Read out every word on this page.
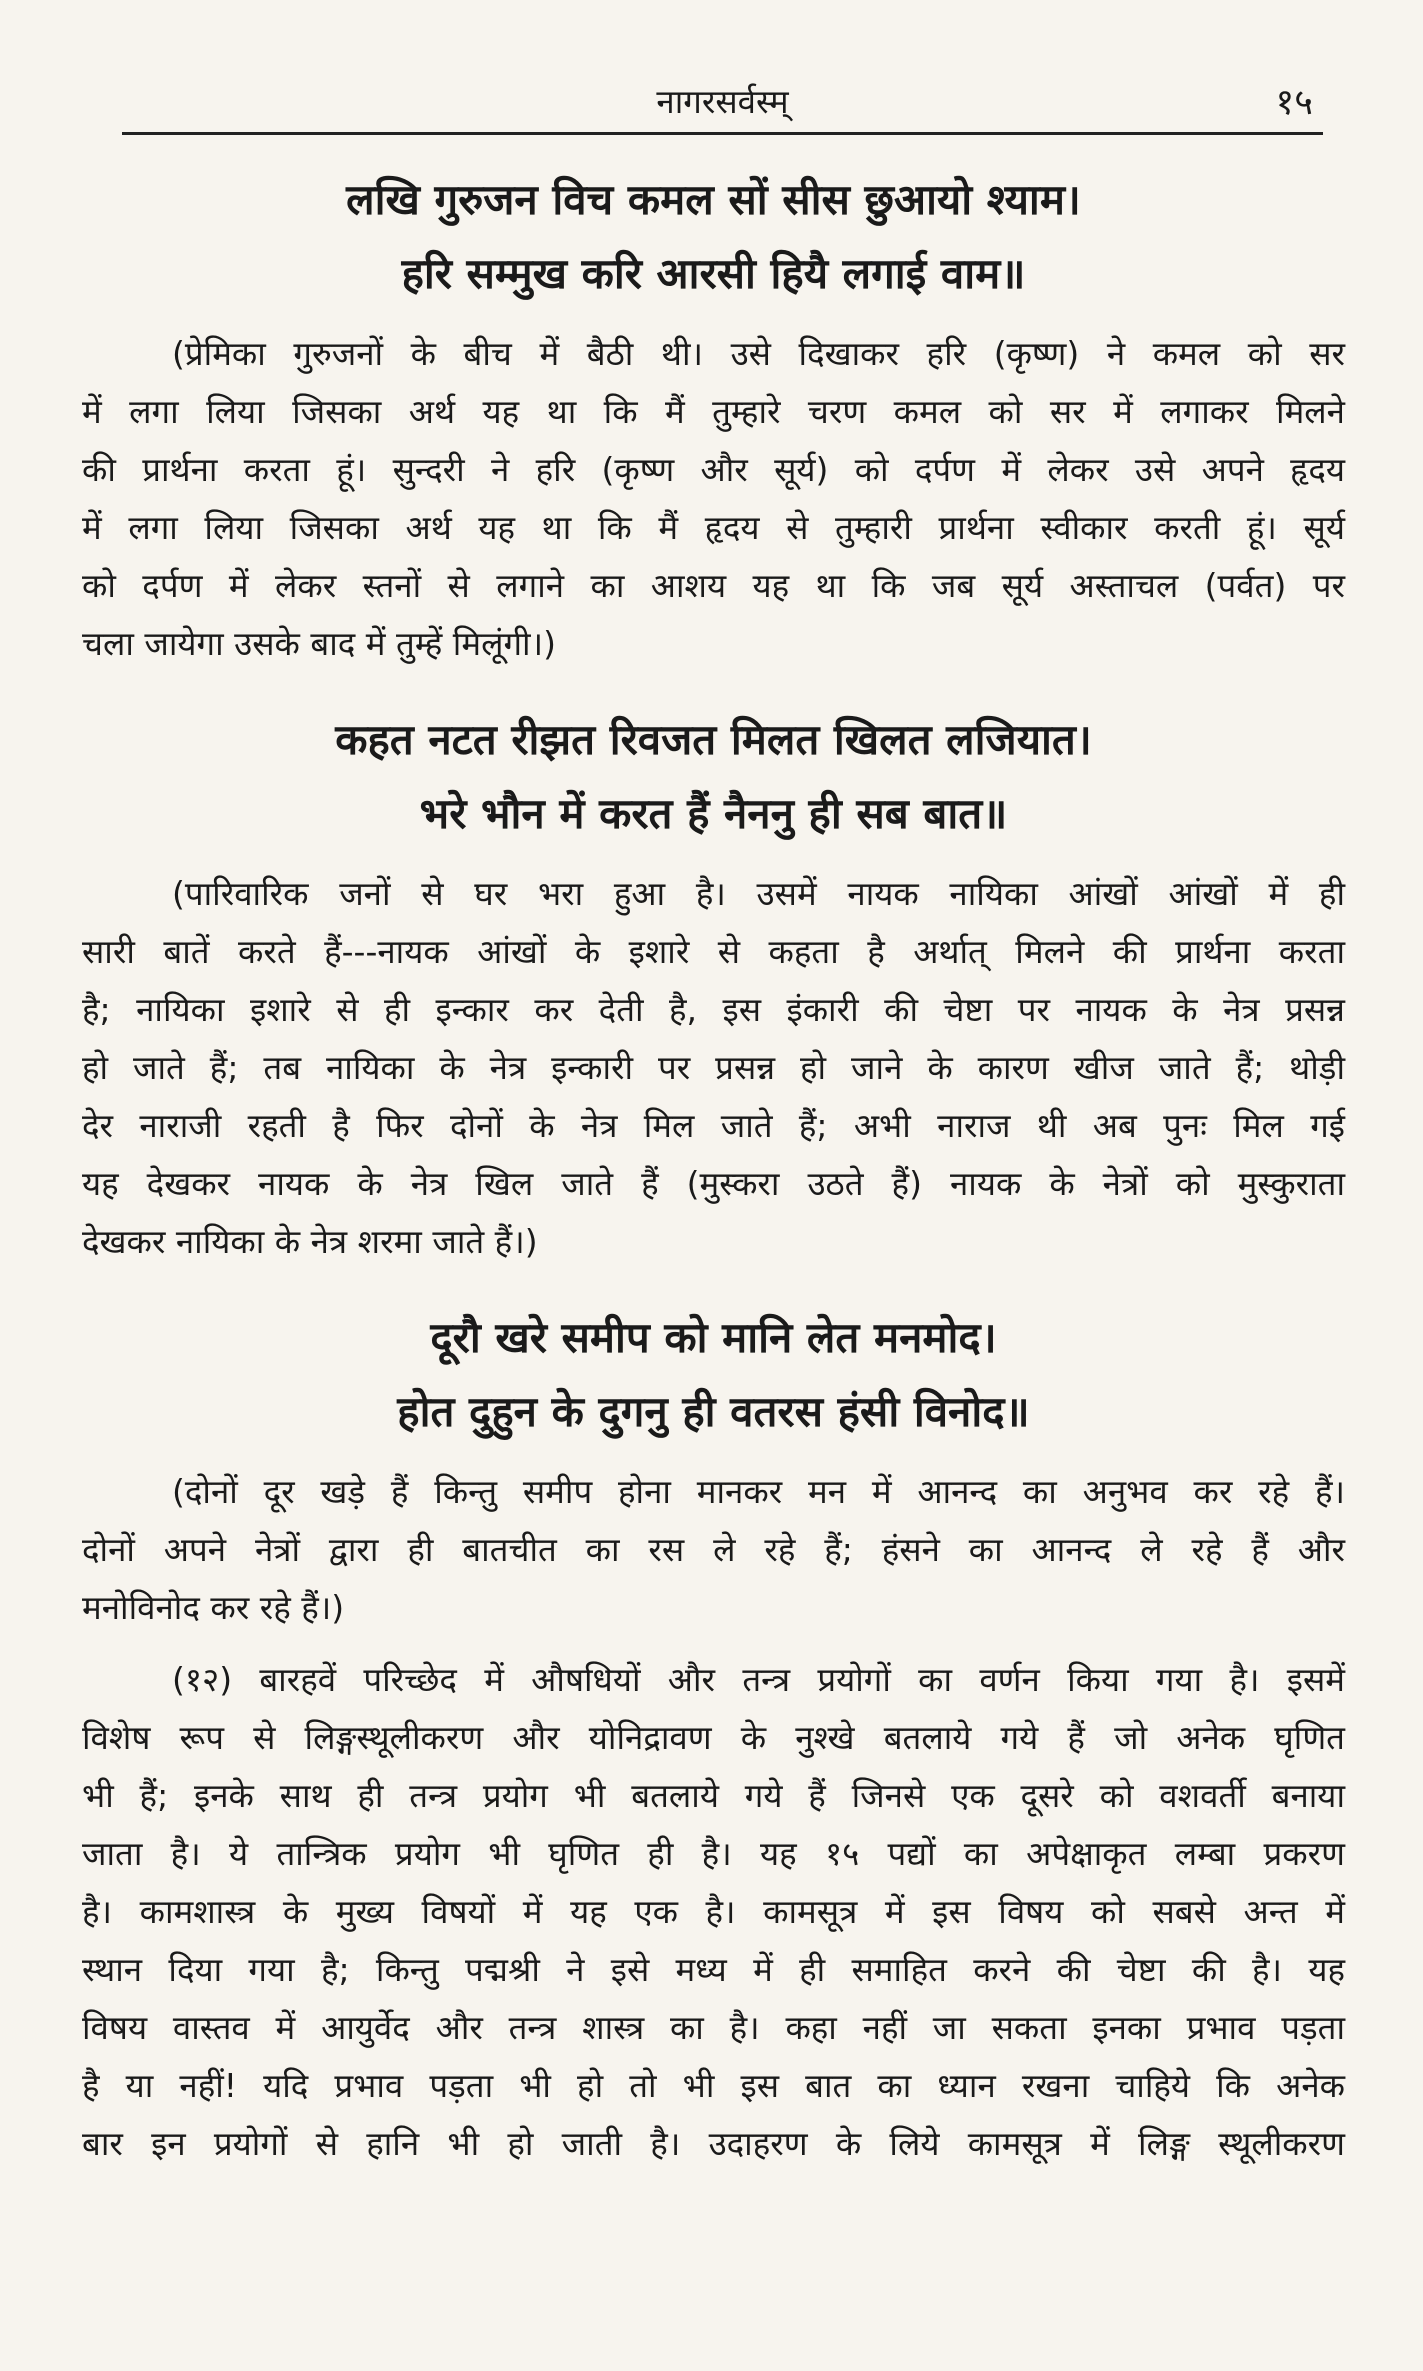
नागरसर्वस्म्	१५
लखि गुरुजन विच कमल सों सीस छुआयो श्याम।
हरि सम्मुख करि आरसी हियै लगाई वाम॥
(प्रेमिका गुरुजनों के बीच में बैठी थी। उसे दिखाकर हरि (कृष्ण) ने कमल को सर
में लगा लिया जिसका अर्थ यह था कि मैं तुम्हारे चरण कमल को सर में लगाकर मिलने
की प्रार्थना करता हूं। सुन्दरी ने हरि (कृष्ण और सूर्य) को दर्पण में लेकर उसे अपने हृदय
में लगा लिया जिसका अर्थ यह था कि मैं हृदय से तुम्हारी प्रार्थना स्वीकार करती हूं। सूर्य
को दर्पण में लेकर स्तनों से लगाने का आशय यह था कि जब सूर्य अस्ताचल (पर्वत) पर
चला जायेगा उसके बाद में तुम्हें मिलूंगी।)
कहत नटत रीझत रिवजत मिलत खिलत लजियात।
भरे भौन में करत हैं नैननु ही सब बात॥
(पारिवारिक जनों से घर भरा हुआ है। उसमें नायक नायिका आंखों आंखों में ही
सारी बातें करते हैं---नायक आंखों के इशारे से कहता है अर्थात् मिलने की प्रार्थना करता
है; नायिका इशारे से ही इन्कार कर देती है, इस इंकारी की चेष्टा पर नायक के नेत्र प्रसन्न
हो जाते हैं; तब नायिका के नेत्र इन्कारी पर प्रसन्न हो जाने के कारण खीज जाते हैं; थोड़ी
देर नाराजी रहती है फिर दोनों के नेत्र मिल जाते हैं; अभी नाराज थी अब पुनः मिल गई
यह देखकर नायक के नेत्र खिल जाते हैं (मुस्करा उठते हैं) नायक के नेत्रों को मुस्कुराता
देखकर नायिका के नेत्र शरमा जाते हैं।)
दूरौ खरे समीप को मानि लेत मनमोद।
होत दुहुन के दुगनु ही वतरस हंसी विनोद॥
(दोनों दूर खड़े हैं किन्तु समीप होना मानकर मन में आनन्द का अनुभव कर रहे हैं।
दोनों अपने नेत्रों द्वारा ही बातचीत का रस ले रहे हैं; हंसने का आनन्द ले रहे हैं और
मनोविनोद कर रहे हैं।)
(१२) बारहवें परिच्छेद में औषधियों और तन्त्र प्रयोगों का वर्णन किया गया है। इसमें
विशेष रूप से लिङ्गस्थूलीकरण और योनिद्रावण के नुश्खे बतलाये गये हैं जो अनेक घृणित
भी हैं; इनके साथ ही तन्त्र प्रयोग भी बतलाये गये हैं जिनसे एक दूसरे को वशवर्ती बनाया
जाता है। ये तान्त्रिक प्रयोग भी घृणित ही है। यह १५ पद्यों का अपेक्षाकृत लम्बा प्रकरण
है। कामशास्त्र के मुख्य विषयों में यह एक है। कामसूत्र में इस विषय को सबसे अन्त में
स्थान दिया गया है; किन्तु पद्मश्री ने इसे मध्य में ही समाहित करने की चेष्टा की है। यह
विषय वास्तव में आयुर्वेद और तन्त्र शास्त्र का है। कहा नहीं जा सकता इनका प्रभाव पड़ता
है या नहीं! यदि प्रभाव पड़ता भी हो तो भी इस बात का ध्यान रखना चाहिये कि अनेक
बार इन प्रयोगों से हानि भी हो जाती है। उदाहरण के लिये कामसूत्र में लिङ्ग स्थूलीकरण
